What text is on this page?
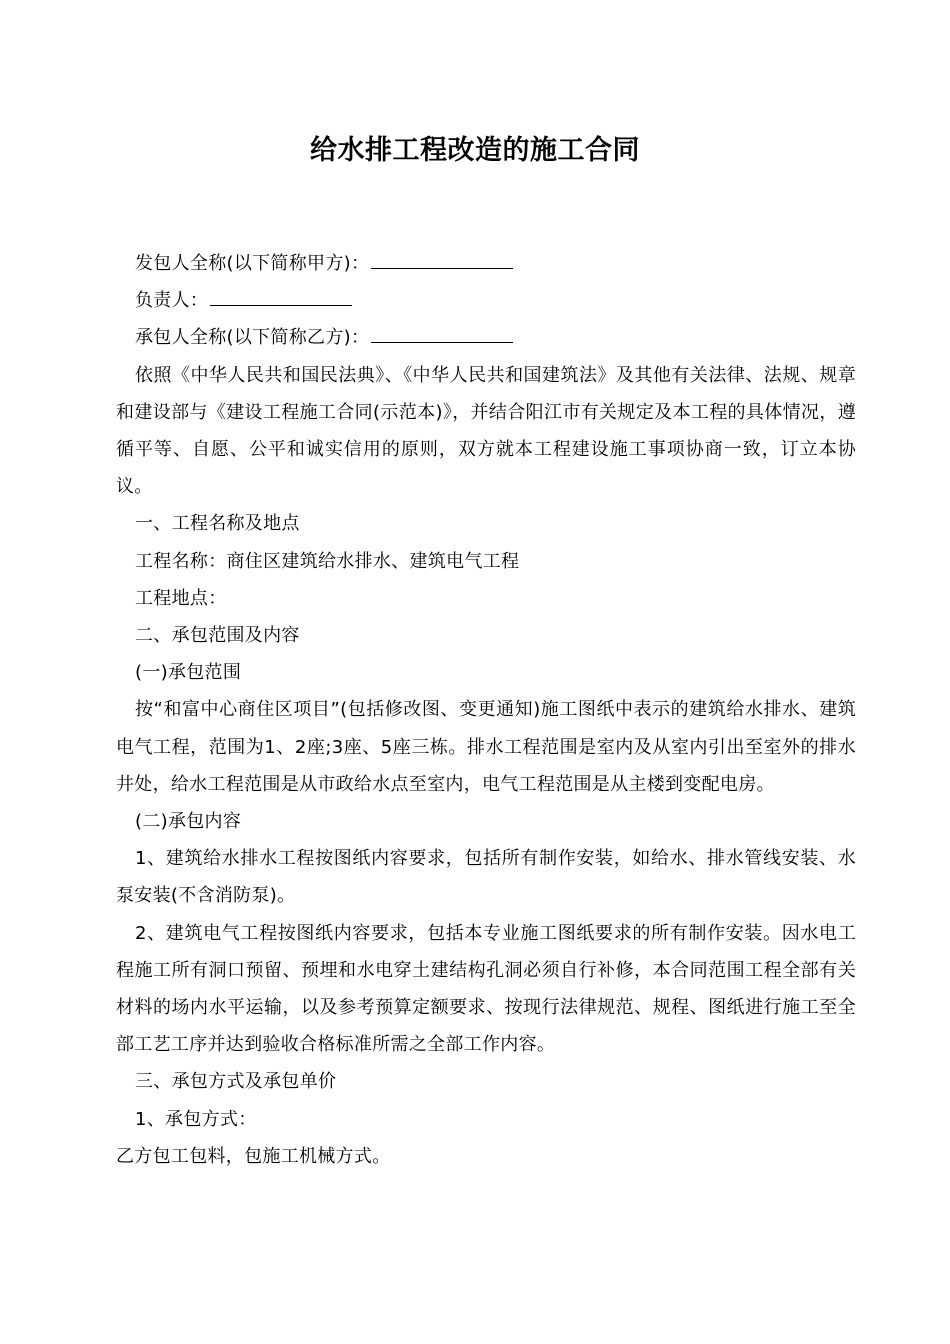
给水排工程改造的施工合同

发包人全称(以下简称甲方)：

负责人：

承包人全称(以下简称乙方)：

依照《中华人民共和国民法典》、《中华人民共和国建筑法》及其他有关法律、法规、规章和建设部与《建设工程施工合同(示范本)》，并结合阳江市有关规定及本工程的具体情况，遵循平等、自愿、公平和诚实信用的原则，双方就本工程建设施工事项协商一致，订立本协议。

一、工程名称及地点

工程名称：商住区建筑给水排水、建筑电气工程

工程地点：

二、承包范围及内容

(一)承包范围

按“和富中心商住区项目”(包括修改图、变更通知)施工图纸中表示的建筑给水排水、建筑电气工程，范围为1、2座;3座、5座三栋。排水工程范围是室内及从室内引出至室外的排水井处，给水工程范围是从市政给水点至室内，电气工程范围是从主楼到变配电房。

(二)承包内容

1、建筑给水排水工程按图纸内容要求，包括所有制作安装，如给水、排水管线安装、水泵安装(不含消防泵)。

2、建筑电气工程按图纸内容要求，包括本专业施工图纸要求的所有制作安装。因水电工程施工所有洞口预留、预埋和水电穿土建结构孔洞必须自行补修，本合同范围工程全部有关材料的场内水平运输，以及参考预算定额要求、按现行法律规范、规程、图纸进行施工至全部工艺工序并达到验收合格标准所需之全部工作内容。

三、承包方式及承包单价

1、承包方式：

乙方包工包料，包施工机械方式。
